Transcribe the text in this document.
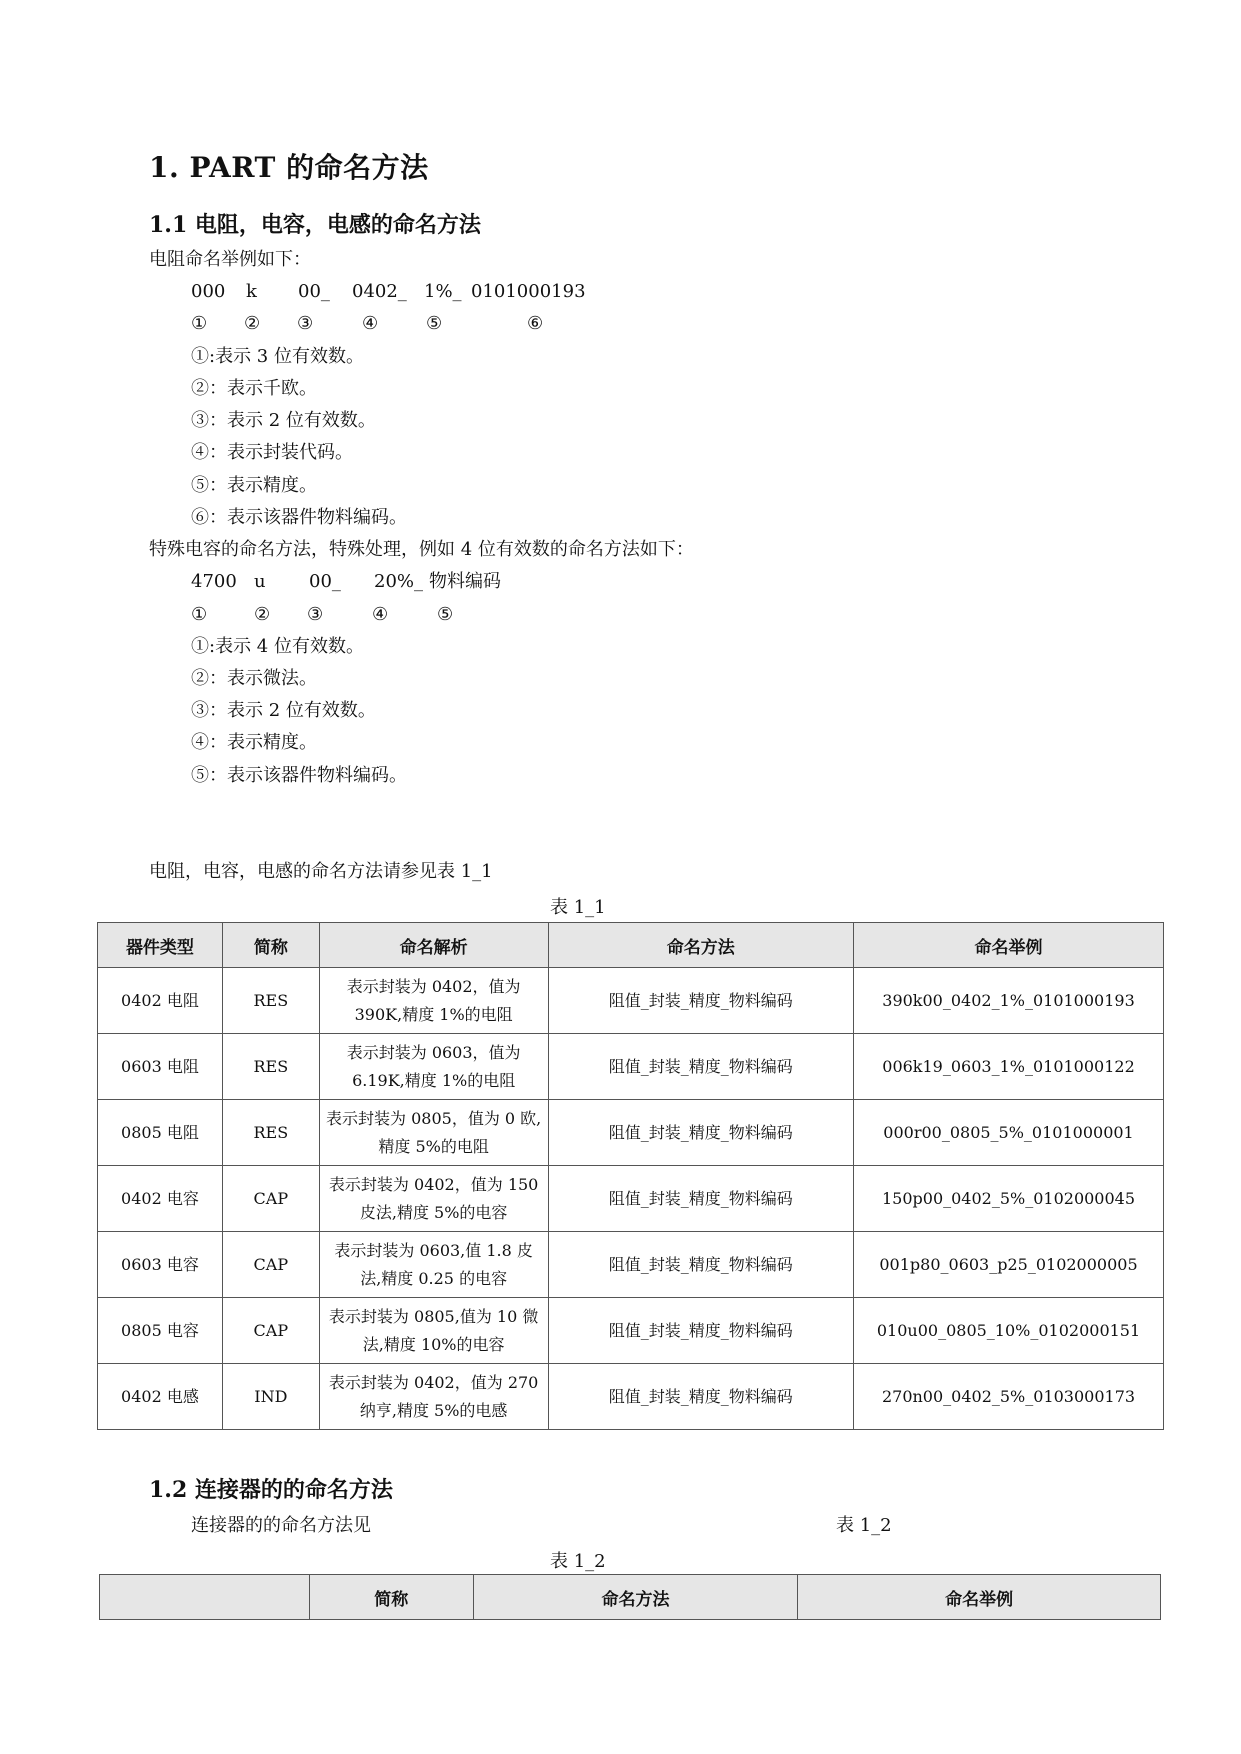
1. PART 的命名方法
1.1 电阻，电容，电感的命名方法
电阻命名举例如下：
000 k 00_ 0402_ 1%_ 0101000193
① ② ③	④	⑤	⑥
①:表示 3 位有效数。
②：表示千欧。
③：表示 2 位有效数。
④：表示封装代码。
⑤：表示精度。
⑥：表示该器件物料编码。
特殊电容的命名方法，特殊处理，例如 4 位有效数的命名方法如下：
4700 u 00_ 20%_ 物料编码
①	② ③	④	⑤
①:表示 4 位有效数。
②：表示微法。
③：表示 2 位有效数。
④：表示精度。
⑤：表示该器件物料编码。
电阻，电容，电感的命名方法请参见表 1_1
表 1_1
器件类型	简称	命名解析	命名方法	命名举例
0402 电阻	RES	表示封装为 0402，值为 390K,精度 1%的电阻	阻值_封装_精度_物料编码	390k00_0402_1%_0101000193
0603 电阻	RES	表示封装为 0603，值为 6.19K,精度 1%的电阻	阻值_封装_精度_物料编码	006k19_0603_1%_0101000122
0805 电阻	RES	表示封装为 0805，值为 0 欧,精度 5%的电阻	阻值_封装_精度_物料编码	000r00_0805_5%_0101000001
0402 电容	CAP	表示封装为 0402，值为 150 皮法,精度 5%的电容	阻值_封装_精度_物料编码	150p00_0402_5%_0102000045
0603 电容	CAP	表示封装为 0603,值 1.8 皮法,精度 0.25 的电容	阻值_封装_精度_物料编码	001p80_0603_p25_0102000005
0805 电容	CAP	表示封装为 0805,值为 10 微法,精度 10%的电容	阻值_封装_精度_物料编码	010u00_0805_10%_0102000151
0402 电感	IND	表示封装为 0402，值为 270 纳亨,精度 5%的电感	阻值_封装_精度_物料编码	270n00_0402_5%_0103000173
1.2 连接器的的命名方法
连接器的的命名方法见	表 1_2
表 1_2
	简称	命名方法	命名举例
